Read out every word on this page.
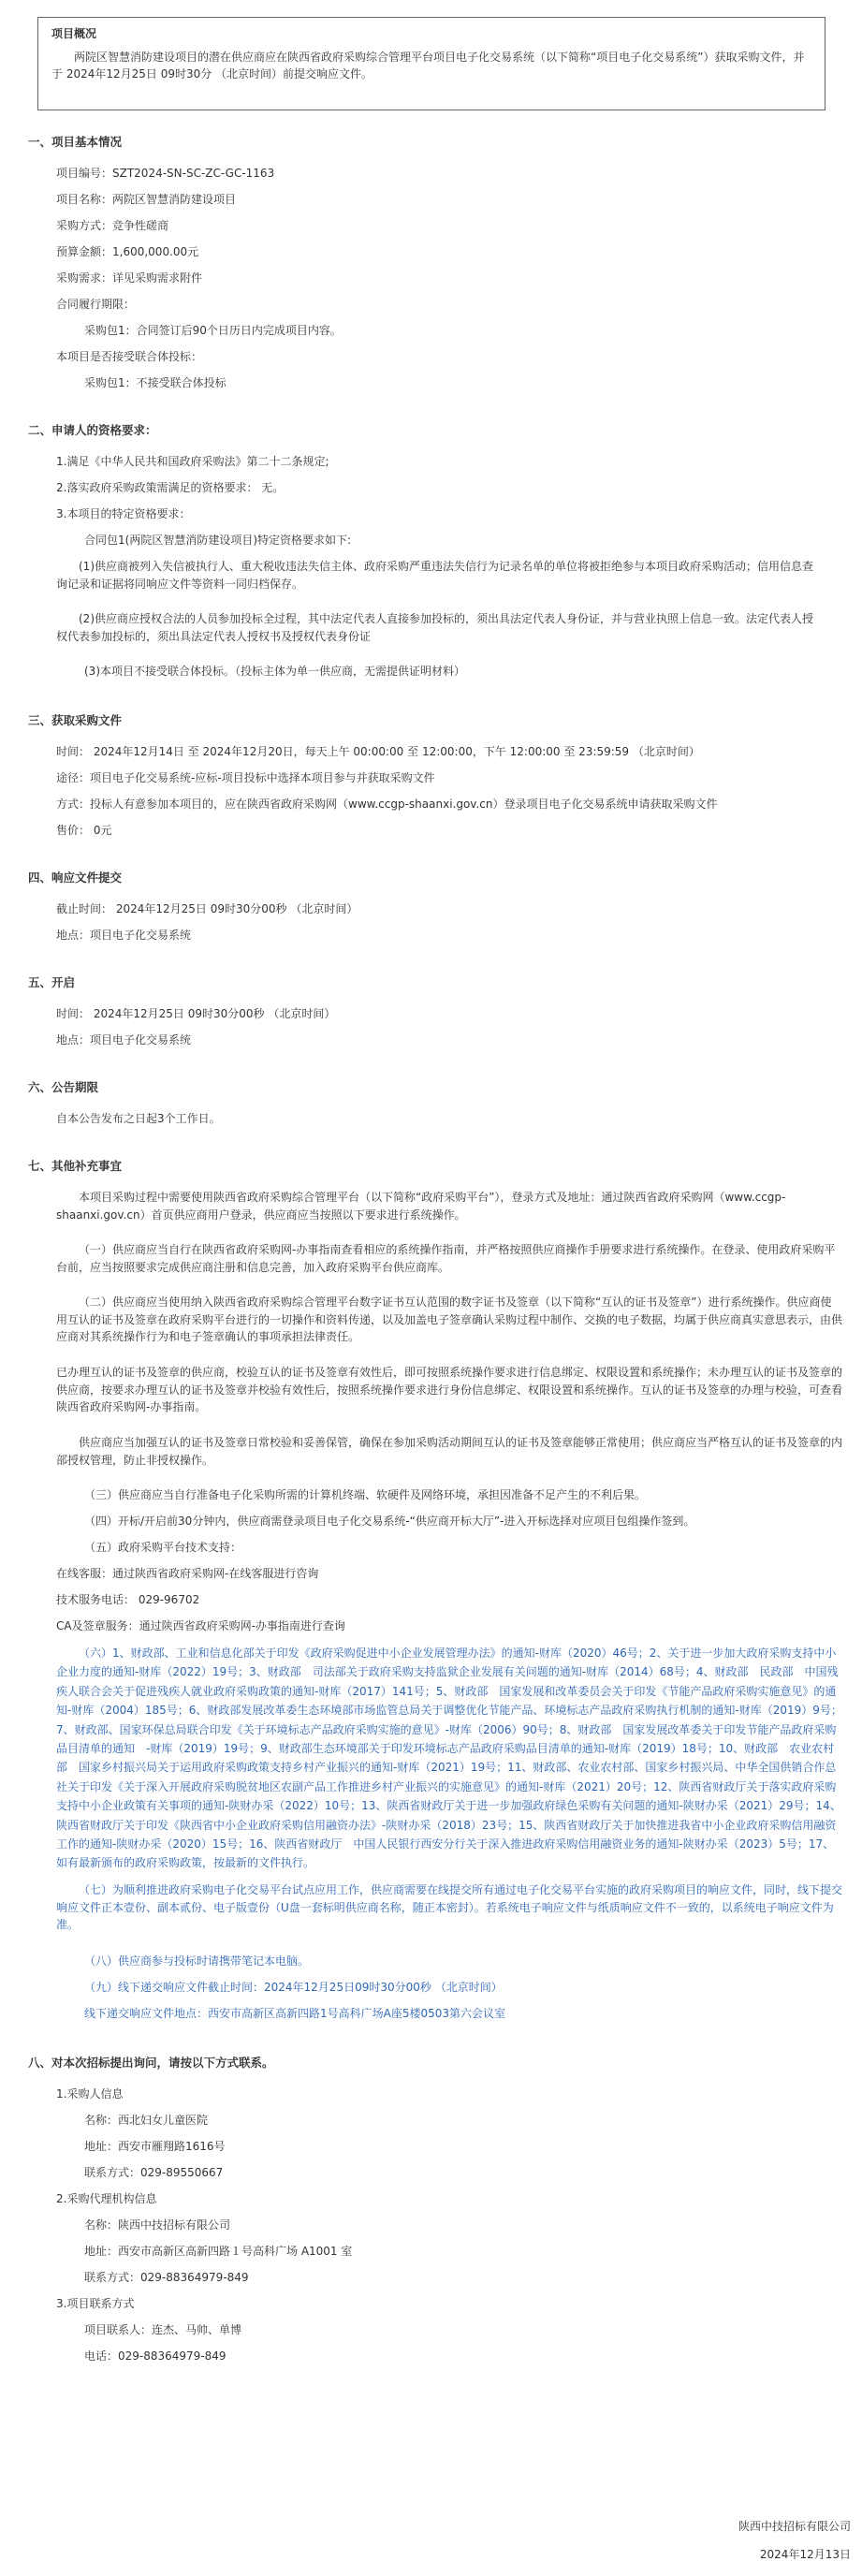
项目概况
两院区智慧消防建设项目的潜在供应商应在陕西省政府采购综合管理平台项目电子化交易系统（以下简称“项目电子化交易系统”）获取采购文件，并于 2024年12月25日 09时30分 （北京时间）前提交响应文件。
一、项目基本情况
项目编号：SZT2024-SN-SC-ZC-GC-1163
项目名称：两院区智慧消防建设项目
采购方式：竞争性磋商
预算金额：1,600,000.00元
采购需求：详见采购需求附件
合同履行期限：
采购包1：合同签订后90个日历日内完成项目内容。
本项目是否接受联合体投标：
采购包1：不接受联合体投标
二、申请人的资格要求：
1.满足《中华人民共和国政府采购法》第二十二条规定;
2.落实政府采购政策需满足的资格要求： 无。
3.本项目的特定资格要求：
合同包1(两院区智慧消防建设项目)特定资格要求如下:
(1)供应商被列入失信被执行人、重大税收违法失信主体、政府采购严重违法失信行为记录名单的单位将被拒绝参与本项目政府采购活动；信用信息查询记录和证据将同响应文件等资料一同归档保存。
(2)供应商应授权合法的人员参加投标全过程，其中法定代表人直接参加投标的，须出具法定代表人身份证，并与营业执照上信息一致。法定代表人授权代表参加投标的，须出具法定代表人授权书及授权代表身份证
(3)本项目不接受联合体投标。（投标主体为单一供应商，无需提供证明材料）
三、获取采购文件
时间： 2024年12月14日 至 2024年12月20日，每天上午 00:00:00 至 12:00:00，下午 12:00:00 至 23:59:59 （北京时间）
途径：项目电子化交易系统-应标-项目投标中选择本项目参与并获取采购文件
方式：投标人有意参加本项目的，应在陕西省政府采购网（www.ccgp-shaanxi.gov.cn）登录项目电子化交易系统申请获取采购文件
售价： 0元
四、响应文件提交
截止时间： 2024年12月25日 09时30分00秒 （北京时间）
地点：项目电子化交易系统
五、开启
时间： 2024年12月25日 09时30分00秒 （北京时间）
地点：项目电子化交易系统
六、公告期限
自本公告发布之日起3个工作日。
七、其他补充事宜
本项目采购过程中需要使用陕西省政府采购综合管理平台（以下简称“政府采购平台”），登录方式及地址：通过陕西省政府采购网（www.ccgp-shaanxi.gov.cn）首页供应商用户登录，供应商应当按照以下要求进行系统操作。
（一）供应商应当自行在陕西省政府采购网-办事指南查看相应的系统操作指南，并严格按照供应商操作手册要求进行系统操作。在登录、使用政府采购平台前，应当按照要求完成供应商注册和信息完善，加入政府采购平台供应商库。
（二）供应商应当使用纳入陕西省政府采购综合管理平台数字证书互认范围的数字证书及签章（以下简称“互认的证书及签章”）进行系统操作。供应商使用互认的证书及签章在政府采购平台进行的一切操作和资料传递，以及加盖电子签章确认采购过程中制作、交换的电子数据，均属于供应商真实意思表示，由供应商对其系统操作行为和电子签章确认的事项承担法律责任。
已办理互认的证书及签章的供应商，校验互认的证书及签章有效性后，即可按照系统操作要求进行信息绑定、权限设置和系统操作；未办理互认的证书及签章的供应商，按要求办理互认的证书及签章并校验有效性后，按照系统操作要求进行身份信息绑定、权限设置和系统操作。互认的证书及签章的办理与校验，可查看陕西省政府采购网-办事指南。
供应商应当加强互认的证书及签章日常校验和妥善保管，确保在参加采购活动期间互认的证书及签章能够正常使用；供应商应当严格互认的证书及签章的内部授权管理，防止非授权操作。
（三）供应商应当自行准备电子化采购所需的计算机终端、软硬件及网络环境，承担因准备不足产生的不利后果。
（四）开标/开启前30分钟内，供应商需登录项目电子化交易系统-“供应商开标大厅”-进入开标选择对应项目包组操作签到。
（五）政府采购平台技术支持：
在线客服：通过陕西省政府采购网-在线客服进行咨询
技术服务电话： 029-96702
CA及签章服务：通过陕西省政府采购网-办事指南进行查询
（六）1、财政部、工业和信息化部关于印发《政府采购促进中小企业发展管理办法》的通知-财库（2020）46号；2、关于进一步加大政府采购支持中小企业力度的通知-财库（2022）19号；3、财政部　司法部关于政府采购支持监狱企业发展有关问题的通知-财库（2014）68号；4、财政部　民政部　中国残疾人联合会关于促进残疾人就业政府采购政策的通知-财库（2017）141号；5、财政部　国家发展和改革委员会关于印发《节能产品政府采购实施意见》的通知-财库（2004）185号；6、财政部发展改革委生态环境部市场监管总局关于调整优化节能产品、环境标志产品政府采购执行机制的通知-财库（2019）9号；7、财政部、国家环保总局联合印发《关于环境标志产品政府采购实施的意见》-财库（2006）90号；8、财政部　国家发展改革委关于印发节能产品政府采购品目清单的通知　-财库（2019）19号；9、财政部生态环境部关于印发环境标志产品政府采购品目清单的通知-财库（2019）18号；10、财政部　农业农村部　国家乡村振兴局关于运用政府采购政策支持乡村产业振兴的通知-财库（2021）19号；11、财政部、农业农村部、国家乡村振兴局、中华全国供销合作总社关于印发《关于深入开展政府采购脱贫地区农副产品工作推进乡村产业振兴的实施意见》的通知-财库（2021）20号；12、陕西省财政厅关于落实政府采购支持中小企业政策有关事项的通知-陕财办采（2022）10号；13、陕西省财政厅关于进一步加强政府绿色采购有关问题的通知-陕财办采（2021）29号；14、陕西省财政厅关于印发《陕西省中小企业政府采购信用融资办法》-陕财办采（2018）23号；15、陕西省财政厅关于加快推进我省中小企业政府采购信用融资工作的通知-陕财办采（2020）15号；16、陕西省财政厅　中国人民银行西安分行关于深入推进政府采购信用融资业务的通知-陕财办采（2023）5号；17、如有最新颁布的政府采购政策，按最新的文件执行。
（七）为顺利推进政府采购电子化交易平台试点应用工作，供应商需要在线提交所有通过电子化交易平台实施的政府采购项目的响应文件，同时，线下提交响应文件正本壹份、副本贰份、电子版壹份（U盘一套标明供应商名称，随正本密封）。若系统电子响应文件与纸质响应文件不一致的，以系统电子响应文件为准。
（八）供应商参与投标时请携带笔记本电脑。
（九）线下递交响应文件截止时间：2024年12月25日09时30分00秒 （北京时间）
线下递交响应文件地点：西安市高新区高新四路1号高科广场A座5楼0503第六会议室
八、对本次招标提出询问，请按以下方式联系。
1.采购人信息
名称：西北妇女儿童医院
地址：西安市雁翔路1616号
联系方式：029-89550667
2.采购代理机构信息
名称：陕西中技招标有限公司
地址：西安市高新区高新四路１号高科广场 A1001 室
联系方式：029-88364979-849
3.项目联系方式
项目联系人：连杰、马帅、单博
电话：029-88364979-849
陕西中技招标有限公司
2024年12月13日
